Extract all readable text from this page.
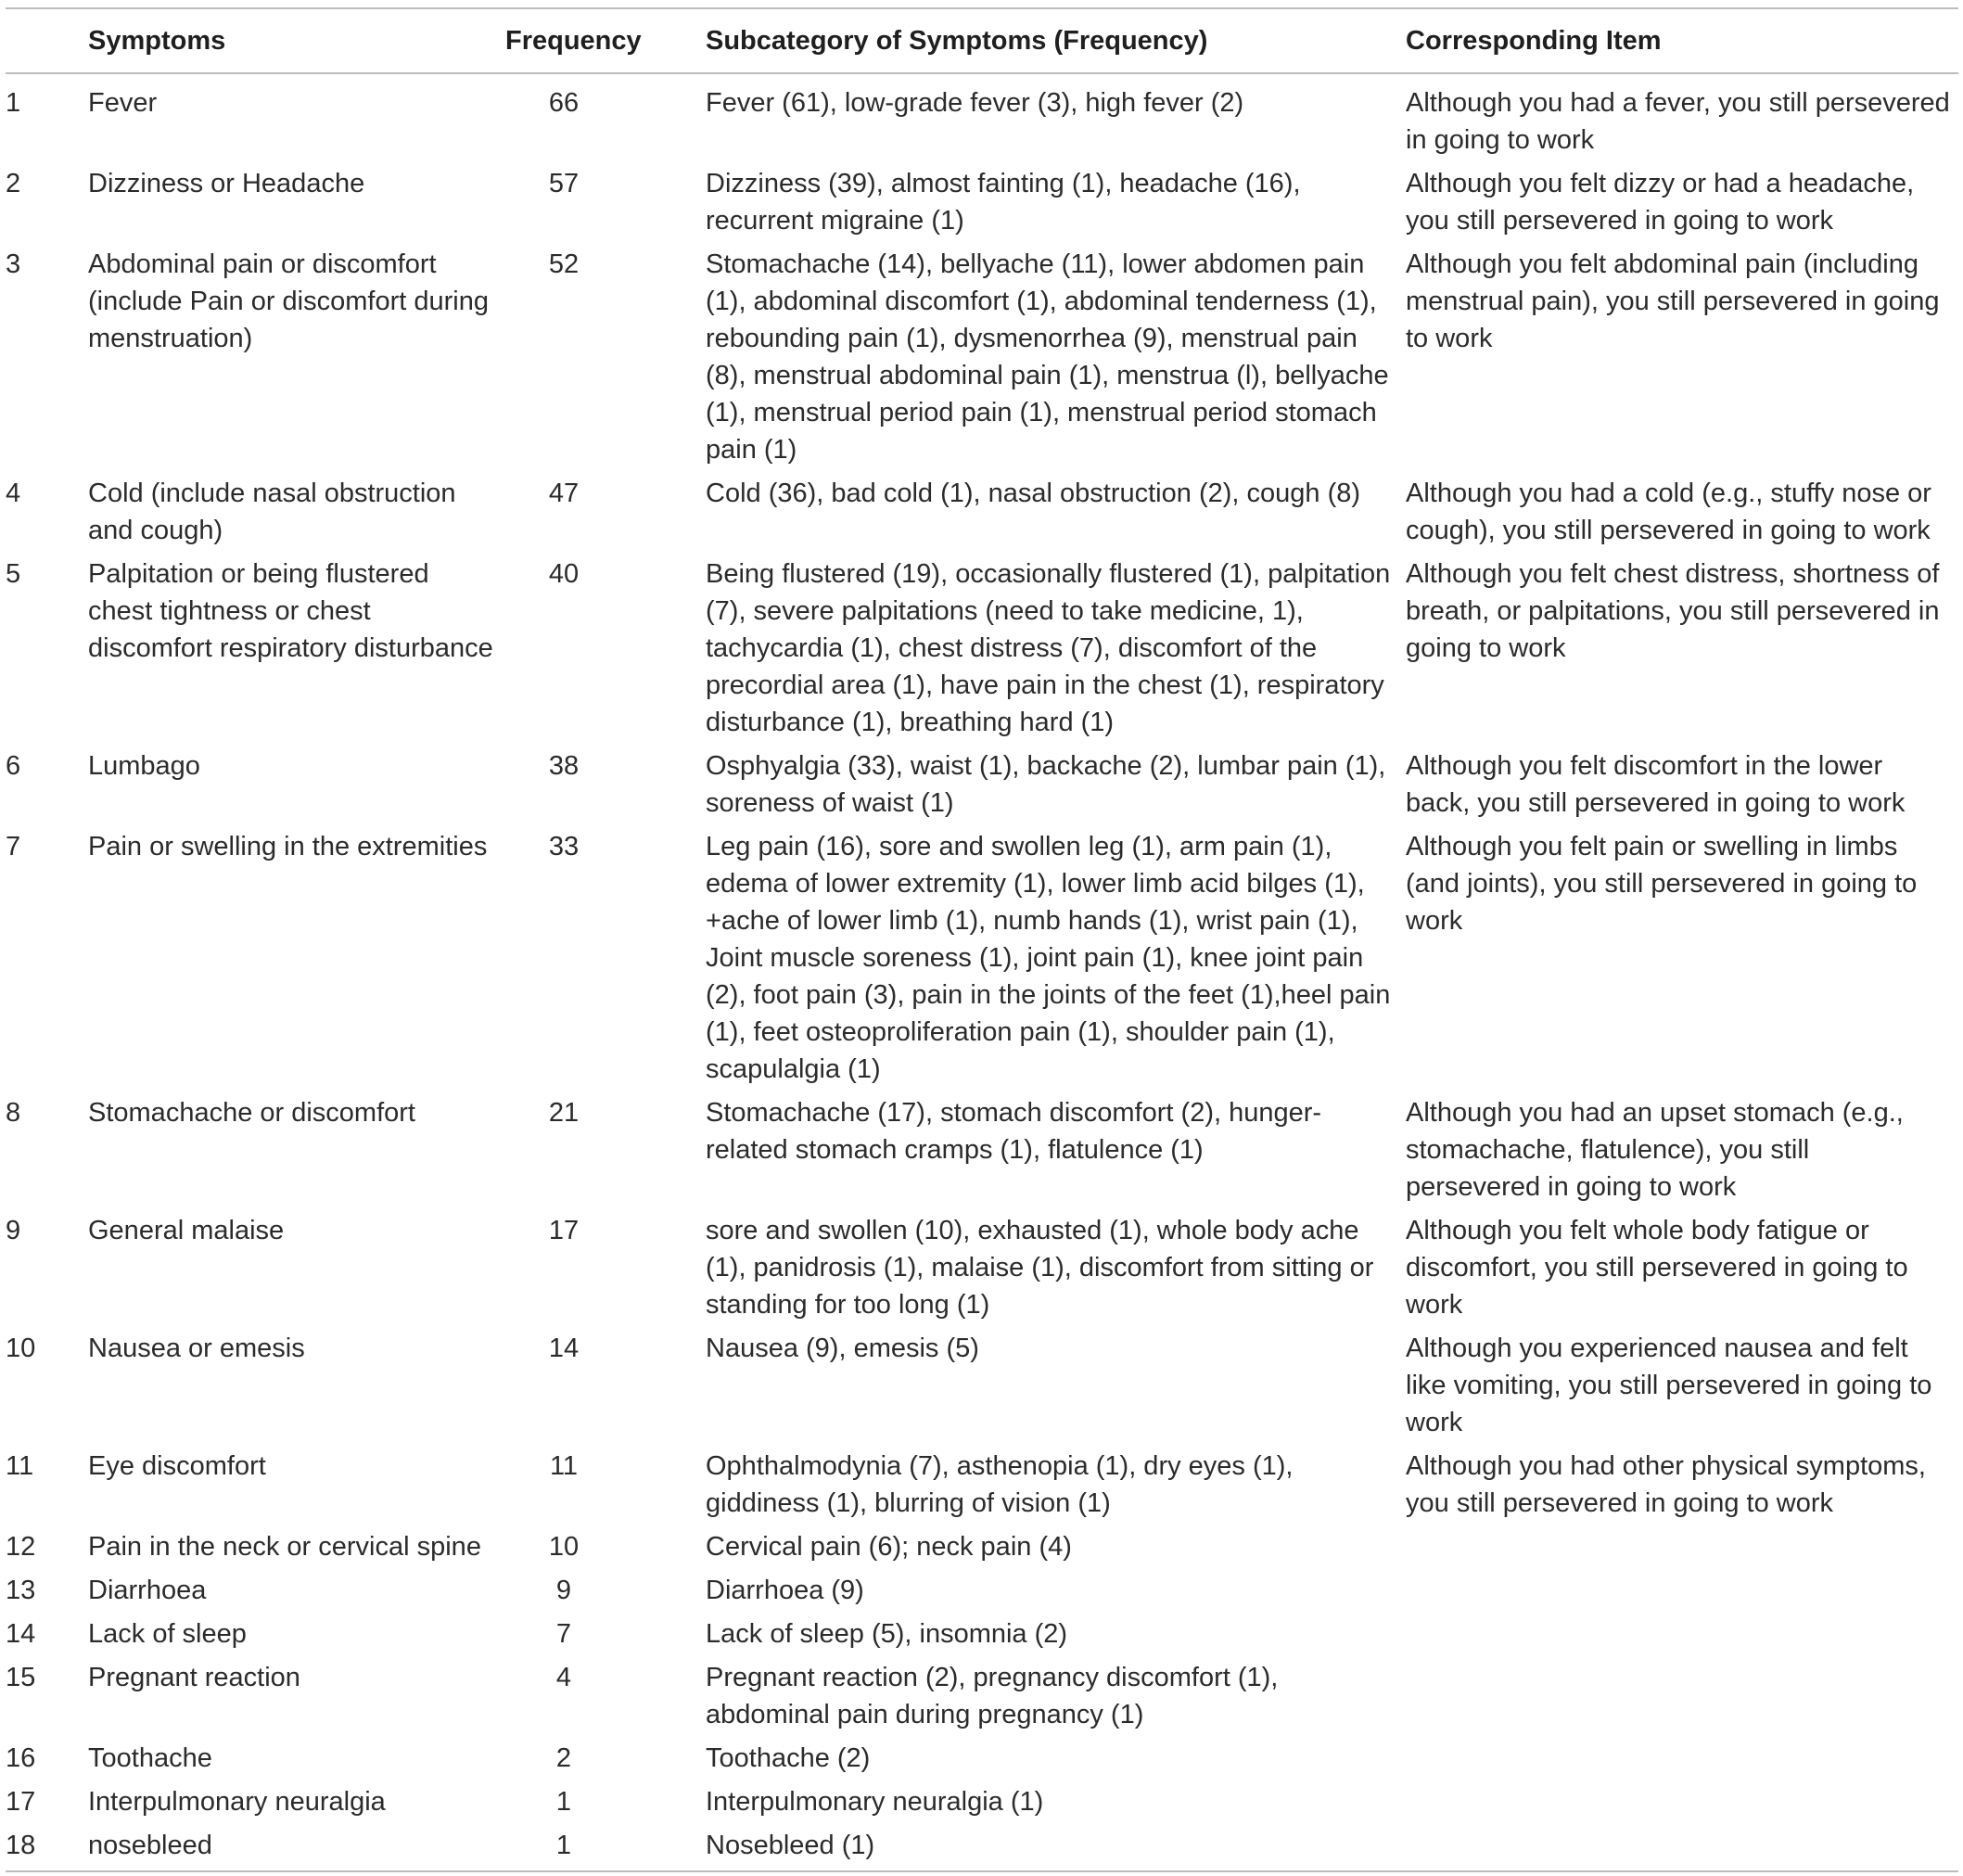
	Symptoms	Frequency	Subcategory of Symptoms (Frequency)	Corresponding Item
1	Fever	66	Fever (61), low-grade fever (3), high fever (2)	Although you had a fever, you still persevered in going to work
2	Dizziness or Headache	57	Dizziness (39), almost fainting (1), headache (16), recurrent migraine (1)	Although you felt dizzy or had a headache, you still persevered in going to work
3	Abdominal pain or discomfort (include Pain or discomfort during menstruation)	52	Stomachache (14), bellyache (11), lower abdomen pain (1), abdominal discomfort (1), abdominal tenderness (1), rebounding pain (1), dysmenorrhea (9), menstrual pain (8), menstrual abdominal pain (1), menstrua (l), bellyache (1), menstrual period pain (1), menstrual period stomach pain (1)	Although you felt abdominal pain (including menstrual pain), you still persevered in going to work
4	Cold (include nasal obstruction and cough)	47	Cold (36), bad cold (1), nasal obstruction (2), cough (8)	Although you had a cold (e.g., stuffy nose or cough), you still persevered in going to work
5	Palpitation or being flustered chest tightness or chest discomfort respiratory disturbance	40	Being flustered (19), occasionally flustered (1), palpitation (7), severe palpitations (need to take medicine, 1), tachycardia (1), chest distress (7), discomfort of the precordial area (1), have pain in the chest (1), respiratory disturbance (1), breathing hard (1)	Although you felt chest distress, shortness of breath, or palpitations, you still persevered in going to work
6	Lumbago	38	Osphyalgia (33), waist (1), backache (2), lumbar pain (1), soreness of waist (1)	Although you felt discomfort in the lower back, you still persevered in going to work
7	Pain or swelling in the extremities	33	Leg pain (16), sore and swollen leg (1), arm pain (1), edema of lower extremity (1), lower limb acid bilges (1), +ache of lower limb (1), numb hands (1), wrist pain (1), Joint muscle soreness (1), joint pain (1), knee joint pain (2), foot pain (3), pain in the joints of the feet (1),heel pain (1), feet osteoproliferation pain (1), shoulder pain (1), scapulalgia (1)	Although you felt pain or swelling in limbs (and joints), you still persevered in going to work
8	Stomachache or discomfort	21	Stomachache (17), stomach discomfort (2), hunger-related stomach cramps (1), flatulence (1)	Although you had an upset stomach (e.g., stomachache, flatulence), you still persevered in going to work
9	General malaise	17	sore and swollen (10), exhausted (1), whole body ache (1), panidrosis (1), malaise (1), discomfort from sitting or standing for too long (1)	Although you felt whole body fatigue or discomfort, you still persevered in going to work
10	Nausea or emesis	14	Nausea (9), emesis (5)	Although you experienced nausea and felt like vomiting, you still persevered in going to work
11	Eye discomfort	11	Ophthalmodynia (7), asthenopia (1), dry eyes (1), giddiness (1), blurring of vision (1)	Although you had other physical symptoms, you still persevered in going to work
12	Pain in the neck or cervical spine	10	Cervical pain (6); neck pain (4)	
13	Diarrhoea	9	Diarrhoea (9)	
14	Lack of sleep	7	Lack of sleep (5), insomnia (2)	
15	Pregnant reaction	4	Pregnant reaction (2), pregnancy discomfort (1), abdominal pain during pregnancy (1)	
16	Toothache	2	Toothache (2)	
17	Interpulmonary neuralgia	1	Interpulmonary neuralgia (1)	
18	nosebleed	1	Nosebleed (1)	
